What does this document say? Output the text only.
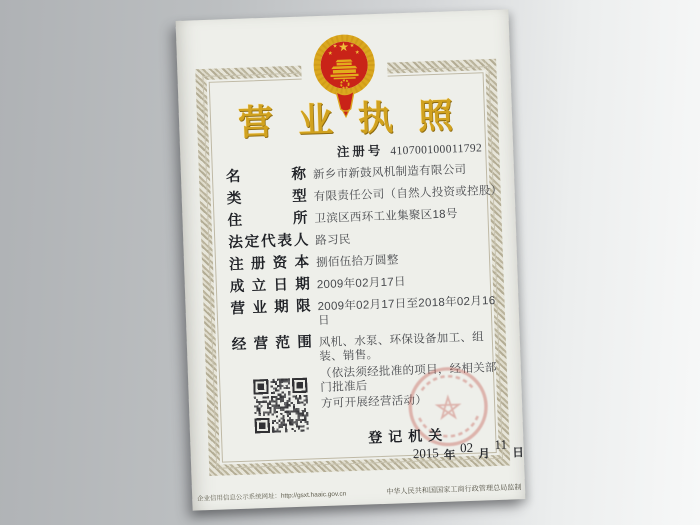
营业执照
注册号 410700100011792
名称 新乡市新鼓风机制造有限公司
类型 有限责任公司（自然人投资或控股）
住所 卫滨区西环工业集聚区18号
法定代表人 路习民
注册资本 捌佰伍拾万圆整
成立日期 2009年02月17日
营业期限 2009年02月17日至2018年02月16日
经营范围 风机、水泵、环保设备加工、组装、销售。
（依法须经批准的项目，经相关部门批准后
方可开展经营活动）
登记机关
2015 年
02 月
11
日
企业信用信息公示系统网址：http://gsxt.haaic.gov.cn
中华人民共和国国家工商行政管理总局监制
